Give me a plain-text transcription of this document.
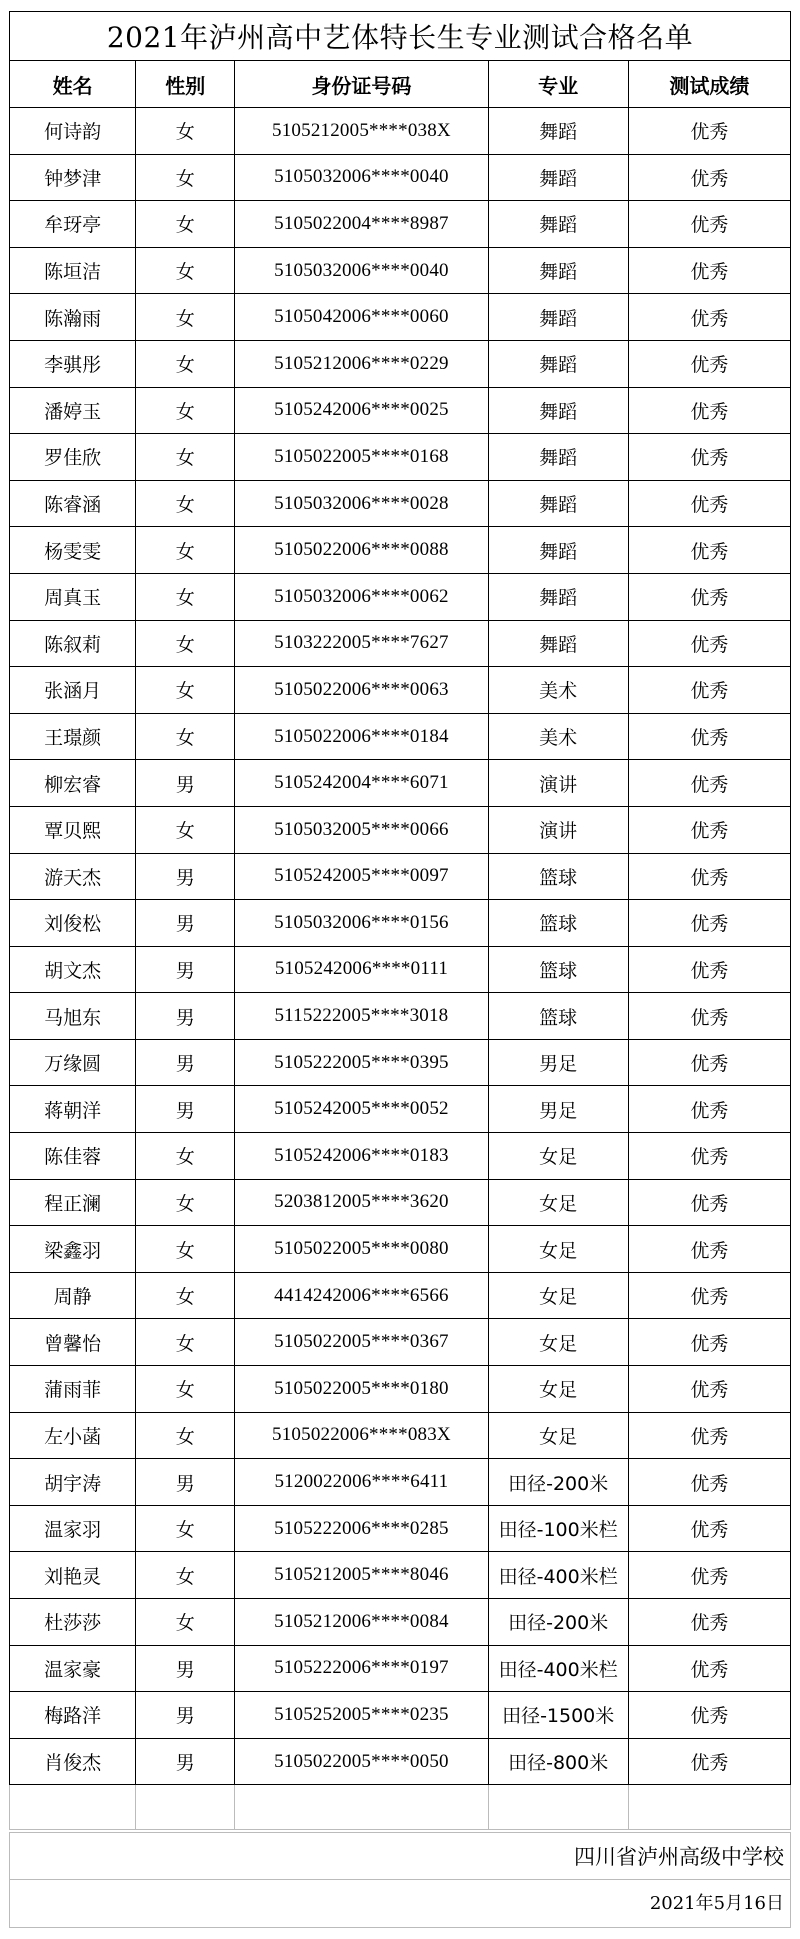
2021年泸州高中艺体特长生专业测试合格名单
姓名	性别	身份证号码	专业	测试成绩
何诗韵	女	5105212005****038X	舞蹈	优秀
钟梦津	女	5105032006****0040	舞蹈	优秀
牟玡亭	女	5105022004****8987	舞蹈	优秀
陈垣洁	女	5105032006****0040	舞蹈	优秀
陈瀚雨	女	5105042006****0060	舞蹈	优秀
李骐彤	女	5105212006****0229	舞蹈	优秀
潘婷玉	女	5105242006****0025	舞蹈	优秀
罗佳欣	女	5105022005****0168	舞蹈	优秀
陈睿涵	女	5105032006****0028	舞蹈	优秀
杨雯雯	女	5105022006****0088	舞蹈	优秀
周真玉	女	5105032006****0062	舞蹈	优秀
陈叙莉	女	5103222005****7627	舞蹈	优秀
张涵月	女	5105022006****0063	美术	优秀
王璟颜	女	5105022006****0184	美术	优秀
柳宏睿	男	5105242004****6071	演讲	优秀
覃贝熙	女	5105032005****0066	演讲	优秀
游天杰	男	5105242005****0097	篮球	优秀
刘俊松	男	5105032006****0156	篮球	优秀
胡文杰	男	5105242006****0111	篮球	优秀
马旭东	男	5115222005****3018	篮球	优秀
万缘圆	男	5105222005****0395	男足	优秀
蒋朝洋	男	5105242005****0052	男足	优秀
陈佳蓉	女	5105242006****0183	女足	优秀
程正澜	女	5203812005****3620	女足	优秀
梁鑫羽	女	5105022005****0080	女足	优秀
周静	女	4414242006****6566	女足	优秀
曾馨怡	女	5105022005****0367	女足	优秀
蒲雨菲	女	5105022005****0180	女足	优秀
左小菡	女	5105022006****083X	女足	优秀
胡宇涛	男	5120022006****6411	田径-200米	优秀
温家羽	女	5105222006****0285	田径-100米栏	优秀
刘艳灵	女	5105212005****8046	田径-400米栏	优秀
杜莎莎	女	5105212006****0084	田径-200米	优秀
温家豪	男	5105222006****0197	田径-400米栏	优秀
梅路洋	男	5105252005****0235	田径-1500米	优秀
肖俊杰	男	5105022005****0050	田径-800米	优秀

四川省泸州高级中学校
2021年5月16日
